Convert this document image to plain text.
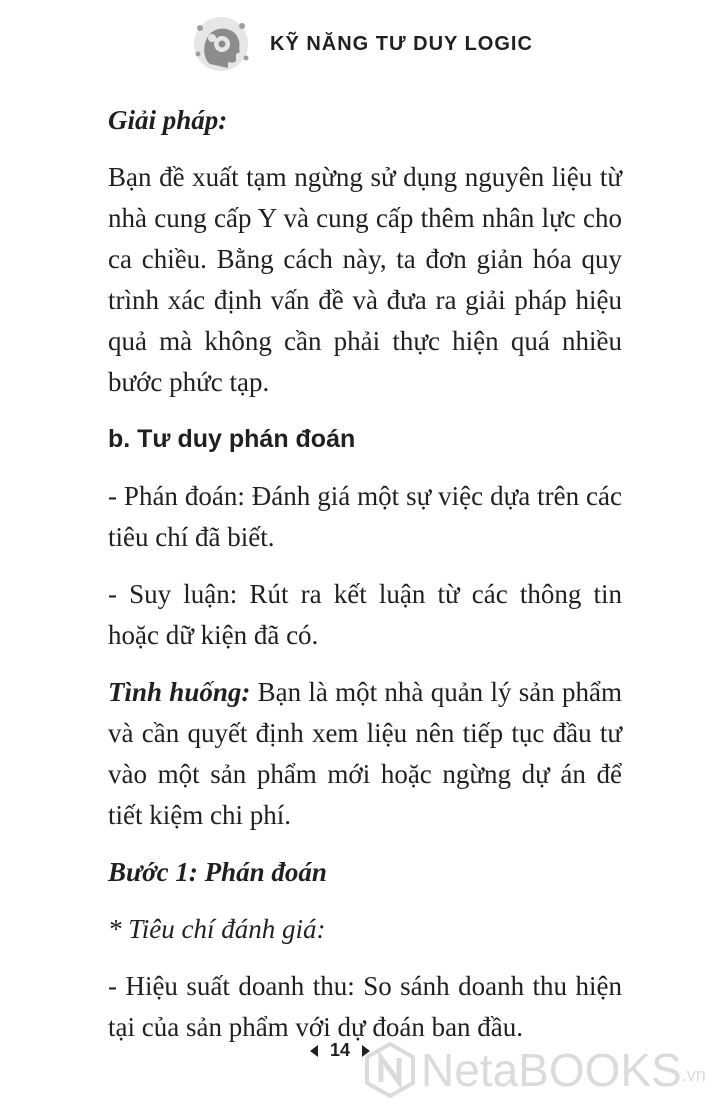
KỸ NĂNG TƯ DUY LOGIC
Giải pháp:

Bạn đề xuất tạm ngừng sử dụng nguyên liệu từ nhà cung cấp Y và cung cấp thêm nhân lực cho ca chiều. Bằng cách này, ta đơn giản hóa quy trình xác định vấn đề và đưa ra giải pháp hiệu quả mà không cần phải thực hiện quá nhiều bước phức tạp.

b. Tư duy phán đoán

- Phán đoán: Đánh giá một sự việc dựa trên các tiêu chí đã biết.

- Suy luận: Rút ra kết luận từ các thông tin hoặc dữ kiện đã có.

Tình huống: Bạn là một nhà quản lý sản phẩm và cần quyết định xem liệu nên tiếp tục đầu tư vào một sản phẩm mới hoặc ngừng dự án để tiết kiệm chi phí.

Bước 1: Phán đoán

* Tiêu chí đánh giá:

- Hiệu suất doanh thu: So sánh doanh thu hiện tại của sản phẩm với dự đoán ban đầu.

14 NetaBOOKS .vn
